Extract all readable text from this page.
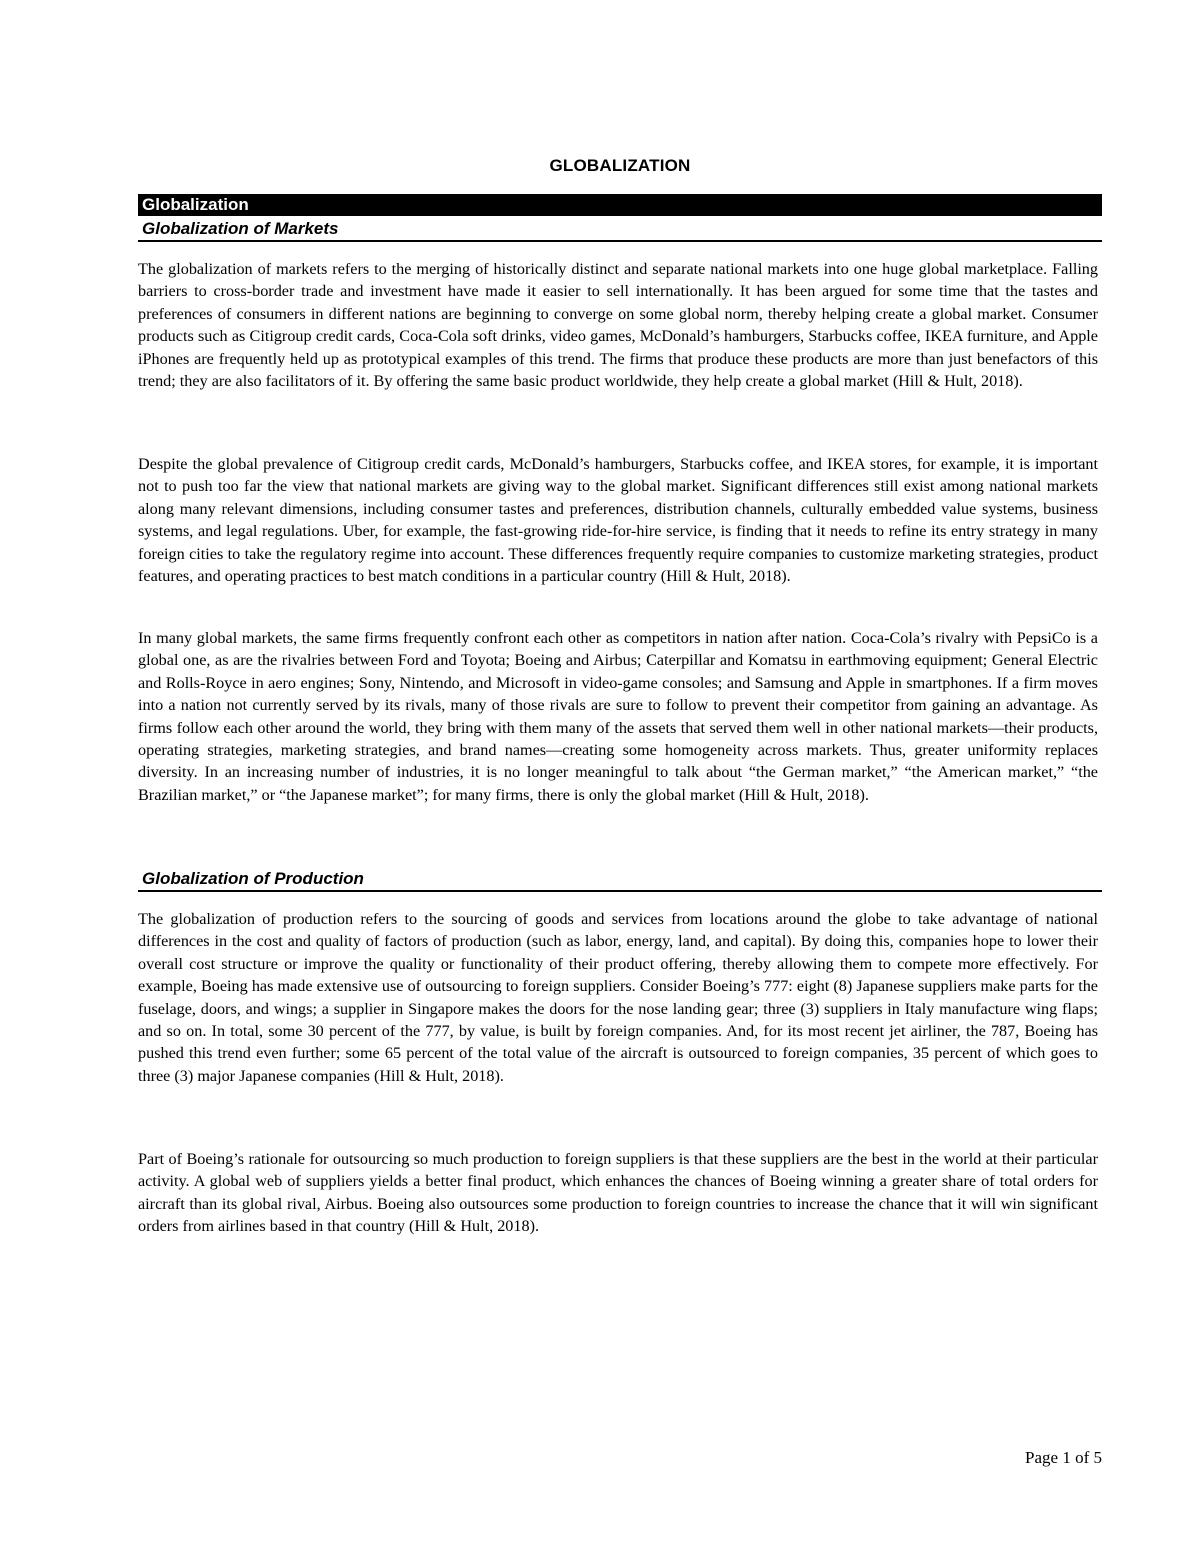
GLOBALIZATION
Globalization
Globalization of Markets

The globalization of markets refers to the merging of historically distinct and separate national markets into one huge global marketplace. Falling barriers to cross-border trade and investment have made it easier to sell internationally. It has been argued for some time that the tastes and preferences of consumers in different nations are beginning to converge on some global norm, thereby helping create a global market. Consumer products such as Citigroup credit cards, Coca-Cola soft drinks, video games, McDonald’s hamburgers, Starbucks coffee, IKEA furniture, and Apple iPhones are frequently held up as prototypical examples of this trend. The firms that produce these products are more than just benefactors of this trend; they are also facilitators of it. By offering the same basic product worldwide, they help create a global market (Hill & Hult, 2018).

Despite the global prevalence of Citigroup credit cards, McDonald’s hamburgers, Starbucks coffee, and IKEA stores, for example, it is important not to push too far the view that national markets are giving way to the global market. Significant differences still exist among national markets along many relevant dimensions, including consumer tastes and preferences, distribution channels, culturally embedded value systems, business systems, and legal regulations. Uber, for example, the fast-growing ride-for-hire service, is finding that it needs to refine its entry strategy in many foreign cities to take the regulatory regime into account. These differences frequently require companies to customize marketing strategies, product features, and operating practices to best match conditions in a particular country (Hill & Hult, 2018).

In many global markets, the same firms frequently confront each other as competitors in nation after nation. Coca-Cola’s rivalry with PepsiCo is a global one, as are the rivalries between Ford and Toyota; Boeing and Airbus; Caterpillar and Komatsu in earthmoving equipment; General Electric and Rolls-Royce in aero engines; Sony, Nintendo, and Microsoft in video-game consoles; and Samsung and Apple in smartphones. If a firm moves into a nation not currently served by its rivals, many of those rivals are sure to follow to prevent their competitor from gaining an advantage. As firms follow each other around the world, they bring with them many of the assets that served them well in other national markets—their products, operating strategies, marketing strategies, and brand names—creating some homogeneity across markets. Thus, greater uniformity replaces diversity. In an increasing number of industries, it is no longer meaningful to talk about “the German market,” “the American market,” “the Brazilian market,” or “the Japanese market”; for many firms, there is only the global market (Hill & Hult, 2018).

Globalization of Production

The globalization of production refers to the sourcing of goods and services from locations around the globe to take advantage of national differences in the cost and quality of factors of production (such as labor, energy, land, and capital). By doing this, companies hope to lower their overall cost structure or improve the quality or functionality of their product offering, thereby allowing them to compete more effectively. For example, Boeing has made extensive use of outsourcing to foreign suppliers. Consider Boeing’s 777: eight (8) Japanese suppliers make parts for the fuselage, doors, and wings; a supplier in Singapore makes the doors for the nose landing gear; three (3) suppliers in Italy manufacture wing flaps; and so on. In total, some 30 percent of the 777, by value, is built by foreign companies. And, for its most recent jet airliner, the 787, Boeing has pushed this trend even further; some 65 percent of the total value of the aircraft is outsourced to foreign companies, 35 percent of which goes to three (3) major Japanese companies (Hill & Hult, 2018).

Part of Boeing’s rationale for outsourcing so much production to foreign suppliers is that these suppliers are the best in the world at their particular activity. A global web of suppliers yields a better final product, which enhances the chances of Boeing winning a greater share of total orders for aircraft than its global rival, Airbus. Boeing also outsources some production to foreign countries to increase the chance that it will win significant orders from airlines based in that country (Hill & Hult, 2018).

Page 1 of 5
